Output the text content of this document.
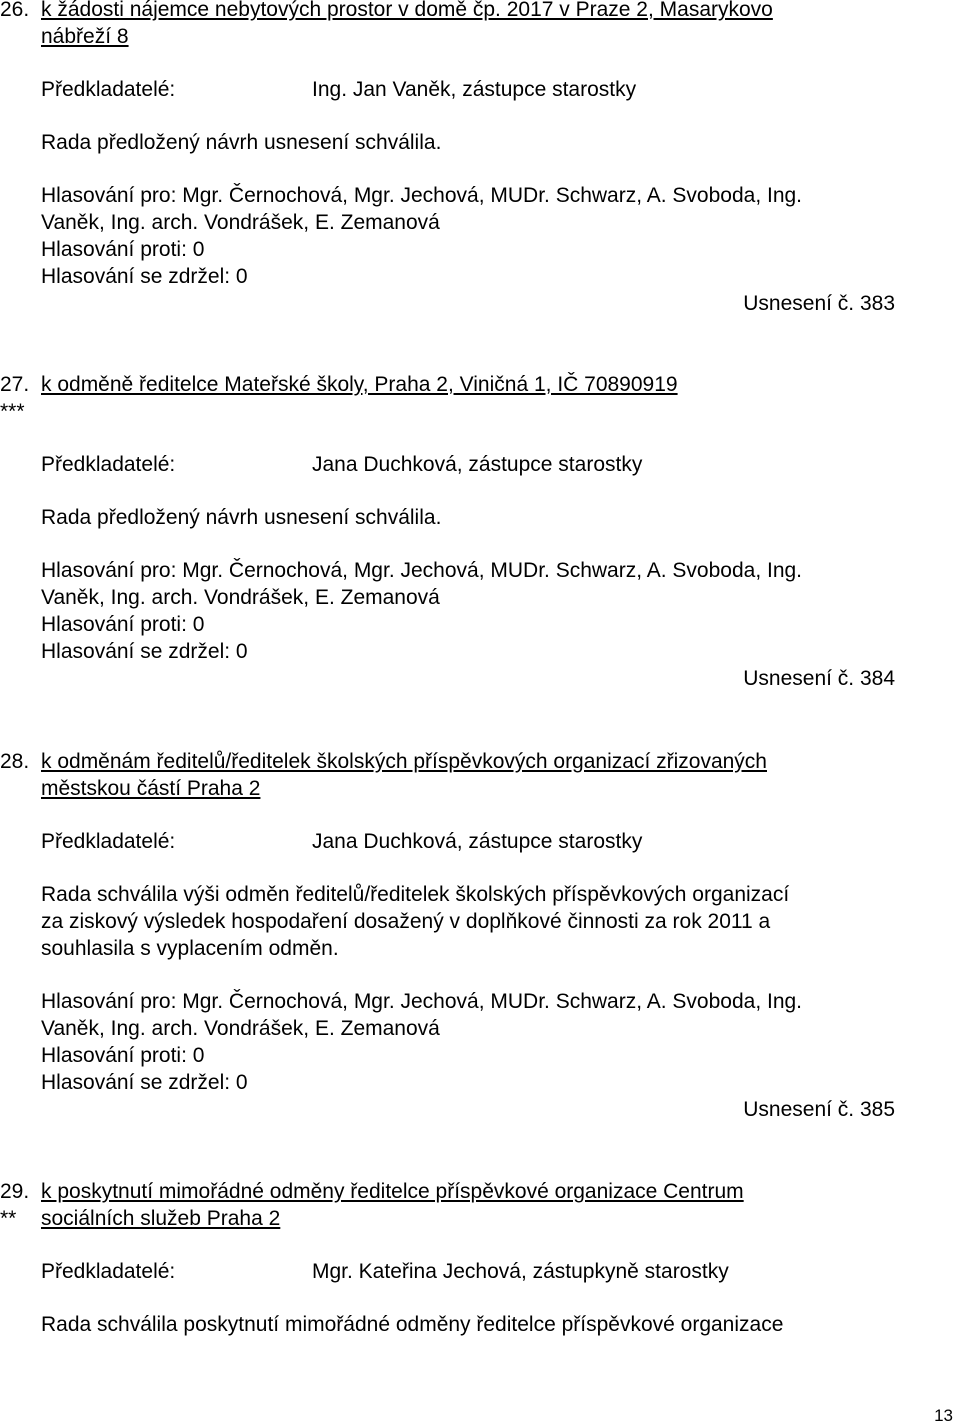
26. k žádosti nájemce nebytových prostor v domě čp. 2017 v Praze 2, Masarykovo
nábřeží 8
Předkladatelé:	Ing. Jan Vaněk, zástupce starostky
Rada předložený návrh usnesení schválila.
Hlasování pro: Mgr. Černochová, Mgr. Jechová, MUDr. Schwarz, A. Svoboda, Ing.
Vaněk, Ing. arch. Vondrášek, E. Zemanová
Hlasování proti: 0
Hlasování se zdržel: 0
Usnesení č. 383
27.
***
k odměně ředitelce Mateřské školy, Praha 2, Viničná 1, IČ 70890919
Předkladatelé:	Jana Duchková, zástupce starostky
Rada předložený návrh usnesení schválila.
Hlasování pro: Mgr. Černochová, Mgr. Jechová, MUDr. Schwarz, A. Svoboda, Ing.
Vaněk, Ing. arch. Vondrášek, E. Zemanová
Hlasování proti: 0
Hlasování se zdržel: 0
Usnesení č. 384
28. k odměnám ředitelů/ředitelek školských příspěvkových organizací zřizovaných
městskou částí Praha 2
Předkladatelé:	Jana Duchková, zástupce starostky
Rada schválila výši odměn ředitelů/ředitelek školských příspěvkových organizací
za ziskový výsledek hospodaření dosažený v doplňkové činnosti za rok 2011 a
souhlasila s vyplacením odměn.
Hlasování pro: Mgr. Černochová, Mgr. Jechová, MUDr. Schwarz, A. Svoboda, Ing.
Vaněk, Ing. arch. Vondrášek, E. Zemanová
Hlasování proti: 0
Hlasování se zdržel: 0
Usnesení č. 385
29.
**
k poskytnutí mimořádné odměny ředitelce příspěvkové organizace Centrum
sociálních služeb Praha 2
Předkladatelé:	Mgr. Kateřina Jechová, zástupkyně starostky
Rada schválila poskytnutí mimořádné odměny ředitelce příspěvkové organizace
13
